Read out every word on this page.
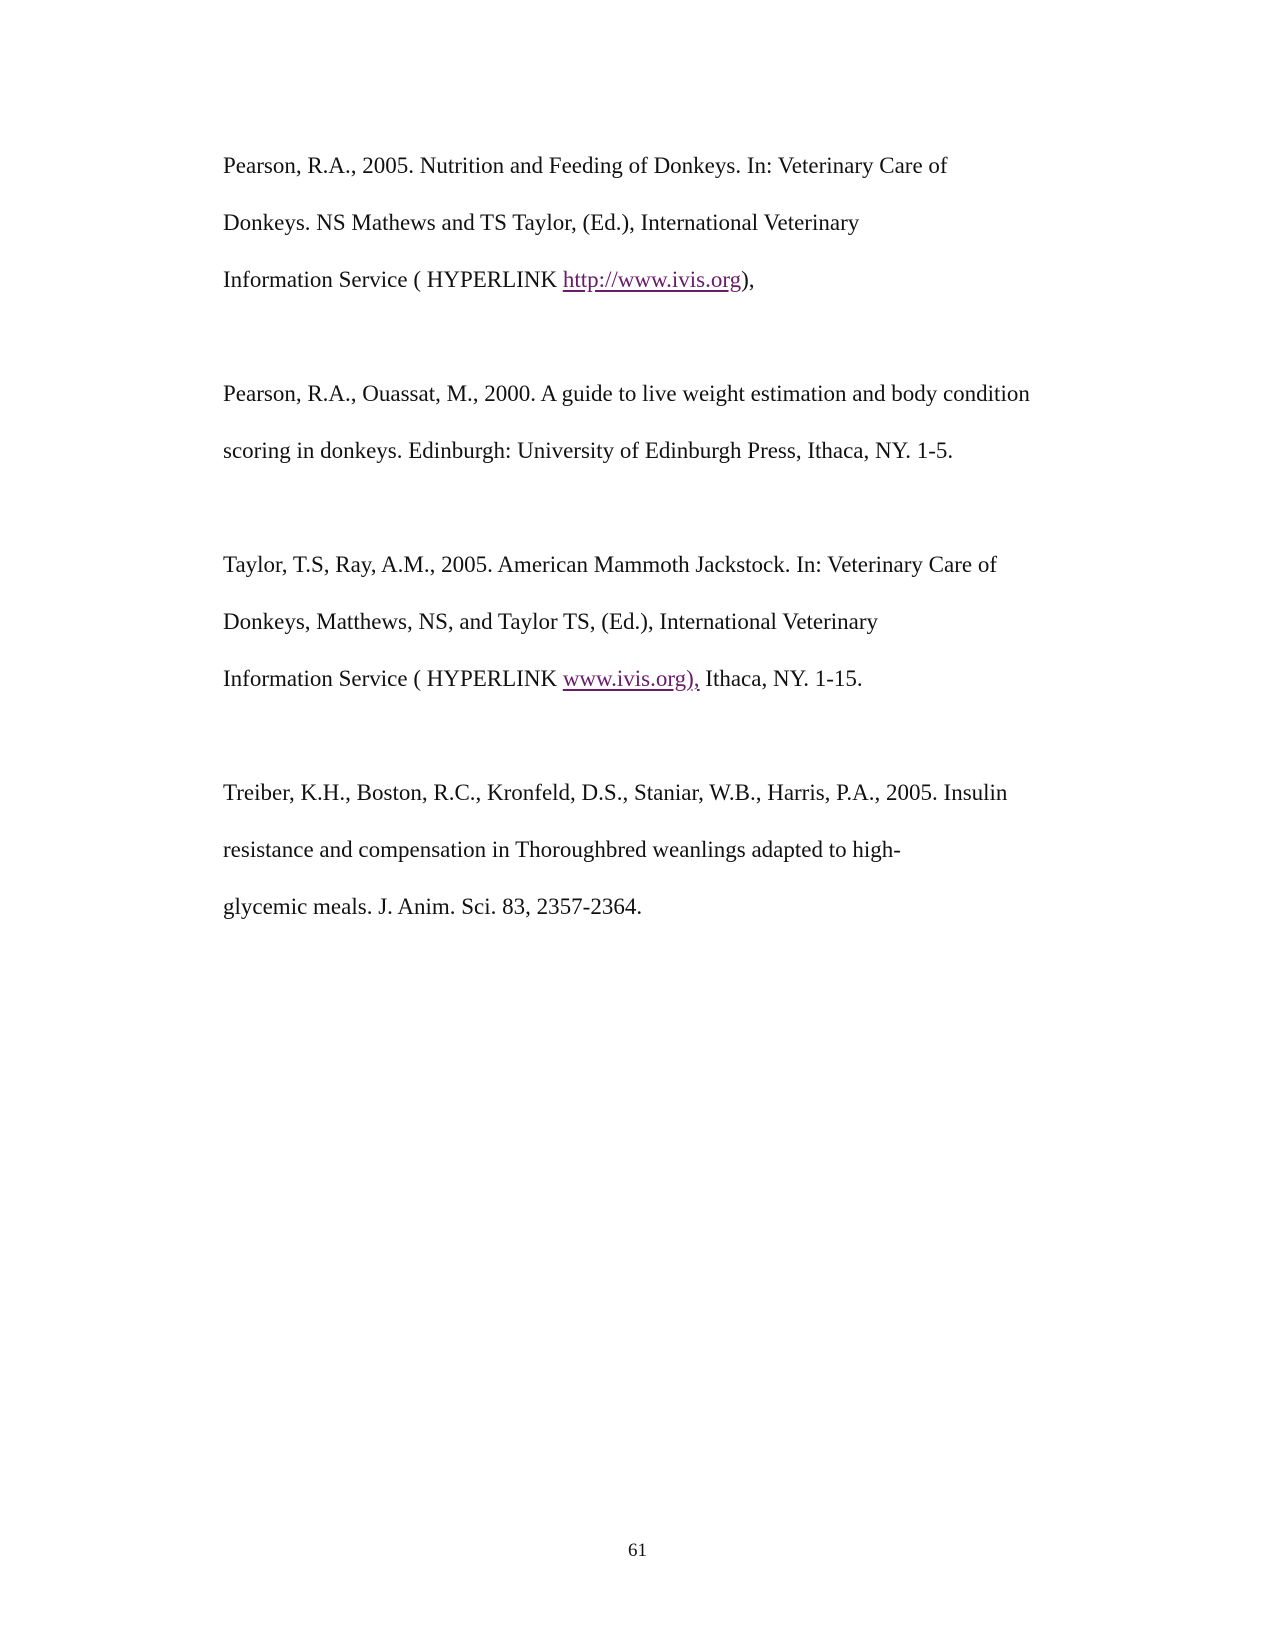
Pearson, R.A., 2005. Nutrition and Feeding of Donkeys. In: Veterinary Care of
Donkeys. NS Mathews and TS Taylor, (Ed.), International Veterinary
Information Service ( HYPERLINK http://www.ivis.org),

Pearson, R.A., Ouassat, M., 2000. A guide to live weight estimation and body condition
scoring in donkeys. Edinburgh: University of Edinburgh Press, Ithaca, NY. 1-5.

Taylor, T.S, Ray, A.M., 2005. American Mammoth Jackstock. In: Veterinary Care of
Donkeys, Matthews, NS, and Taylor TS, (Ed.), International Veterinary
Information Service ( HYPERLINK www.ivis.org), Ithaca, NY. 1-15.

Treiber, K.H., Boston, R.C., Kronfeld, D.S., Staniar, W.B., Harris, P.A., 2005. Insulin
resistance and compensation in Thoroughbred weanlings adapted to high-
glycemic meals. J. Anim. Sci. 83, 2357-2364.

61
